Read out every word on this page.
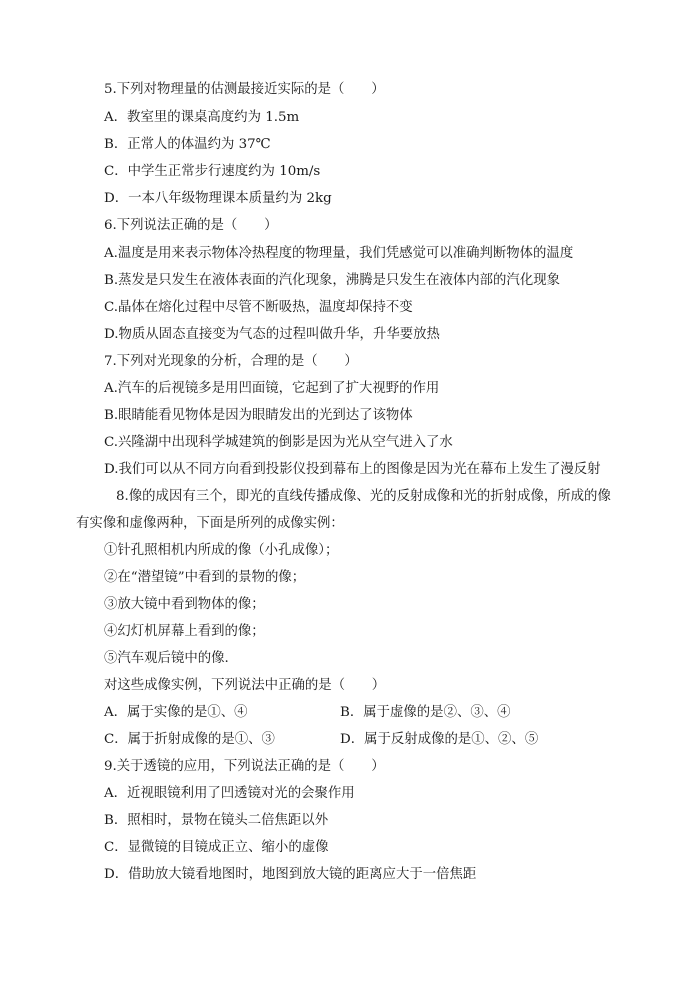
5.下列对物理量的估测最接近实际的是（　　）
A．教室里的课桌高度约为 1.5m
B．正常人的体温约为 37℃
C．中学生正常步行速度约为 10m/s
D．一本八年级物理课本质量约为 2kg
6.下列说法正确的是（　　）
A.温度是用来表示物体冷热程度的物理量，我们凭感觉可以准确判断物体的温度
B.蒸发是只发生在液体表面的汽化现象，沸腾是只发生在液体内部的汽化现象
C.晶体在熔化过程中尽管不断吸热，温度却保持不变
D.物质从固态直接变为气态的过程叫做升华，升华要放热
7.下列对光现象的分析，合理的是（　　）
A.汽车的后视镜多是用凹面镜，它起到了扩大视野的作用
B.眼睛能看见物体是因为眼睛发出的光到达了该物体
C.兴隆湖中出现科学城建筑的倒影是因为光从空气进入了水
D.我们可以从不同方向看到投影仪投到幕布上的图像是因为光在幕布上发生了漫反射
8.像的成因有三个，即光的直线传播成像、光的反射成像和光的折射成像，所成的像
有实像和虚像两种，下面是所列的成像实例：
①针孔照相机内所成的像（小孔成像）；
②在“潜望镜”中看到的景物的像；
③放大镜中看到物体的像；
④幻灯机屏幕上看到的像；
⑤汽车观后镜中的像.
对这些成像实例，下列说法中正确的是（　　）
A．属于实像的是①、④	B．属于虚像的是②、③、④
C．属于折射成像的是①、③	D．属于反射成像的是①、②、⑤
9.关于透镜的应用，下列说法正确的是（　　）
A．近视眼镜利用了凹透镜对光的会聚作用
B．照相时，景物在镜头二倍焦距以外
C．显微镜的目镜成正立、缩小的虚像
D．借助放大镜看地图时，地图到放大镜的距离应大于一倍焦距
